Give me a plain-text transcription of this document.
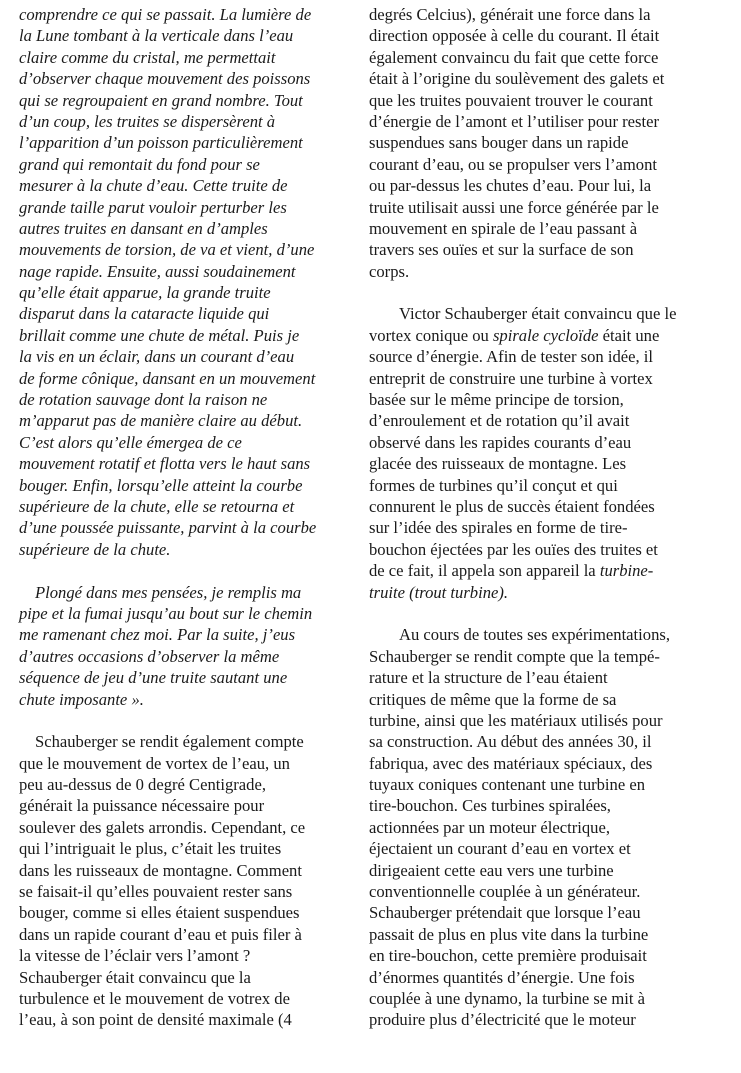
comprendre ce qui se passait. La lumière de
la Lune tombant à la verticale dans l’eau
claire comme du cristal, me permettait
d’observer chaque mouvement des poissons
qui se regroupaient en grand nombre. Tout
d’un coup, les truites se dispersèrent à
l’apparition d’un poisson particulièrement
grand qui remontait du fond pour se
mesurer à la chute d’eau. Cette truite de
grande taille parut vouloir perturber les
autres truites en dansant en d’amples
mouvements de torsion, de va et vient, d’une
nage rapide. Ensuite, aussi soudainement
qu’elle était apparue, la grande truite
disparut dans la cataracte liquide qui
brillait comme une chute de métal. Puis je
la vis en un éclair, dans un courant d’eau
de forme cônique, dansant en un mouvement
de rotation sauvage dont la raison ne
m’apparut pas de manière claire au début.
C’est alors qu’elle émergea de ce
mouvement rotatif et flotta vers le haut sans
bouger. Enfin, lorsqu’elle atteint la courbe
supérieure de la chute, elle se retourna et
d’une poussée puissante, parvint à la courbe
supérieure de la chute.
Plongé dans mes pensées, je remplis ma
pipe et la fumai jusqu’au bout sur le chemin
me ramenant chez moi. Par la suite, j’eus
d’autres occasions d’observer la même
séquence de jeu d’une truite sautant une
chute imposante ».
Schauberger se rendit également compte
que le mouvement de vortex de l’eau, un
peu au-dessus de 0 degré Centigrade,
générait la puissance nécessaire pour
soulever des galets arrondis. Cependant, ce
qui l’intriguait le plus, c’était les truites
dans les ruisseaux de montagne. Comment
se faisait-il qu’elles pouvaient rester sans
bouger, comme si elles étaient suspendues
dans un rapide courant d’eau et puis filer à
la vitesse de l’éclair vers l’amont ?
Schauberger était convaincu que la
turbulence et le mouvement de votrex de
l’eau, à son point de densité maximale (4
degrés Celcius), générait une force dans la
direction opposée à celle du courant. Il était
également convaincu du fait que cette force
était à l’origine du soulèvement des galets et
que les truites pouvaient trouver le courant
d’énergie de l’amont et l’utiliser pour rester
suspendues sans bouger dans un rapide
courant d’eau, ou se propulser vers l’amont
ou par-dessus les chutes d’eau. Pour lui, la
truite utilisait aussi une force générée par le
mouvement en spirale de l’eau passant à
travers ses ouïes et sur la surface de son
corps.
Victor Schauberger était convaincu que le
vortex conique ou spirale cycloïde était une
source d’énergie. Afin de tester son idée, il
entreprit de construire une turbine à vortex
basée sur le même principe de torsion,
d’enroulement et de rotation qu’il avait
observé dans les rapides courants d’eau
glacée des ruisseaux de montagne. Les
formes de turbines qu’il conçut et qui
connurent le plus de succès étaient fondées
sur l’idée des spirales en forme de tire-
bouchon éjectées par les ouïes des truites et
de ce fait, il appela son appareil la turbine-
truite (trout turbine).
Au cours de toutes ses expérimentations,
Schauberger se rendit compte que la tempé-
rature et la structure de l’eau étaient
critiques de même que la forme de sa
turbine, ainsi que les matériaux utilisés pour
sa construction. Au début des années 30, il
fabriqua, avec des matériaux spéciaux, des
tuyaux coniques contenant une turbine en
tire-bouchon. Ces turbines spiralées,
actionnées par un moteur électrique,
éjectaient un courant d’eau en vortex et
dirigeaient cette eau vers une turbine
conventionnelle couplée à un générateur.
Schauberger prétendait que lorsque l’eau
passait de plus en plus vite dans la turbine
en tire-bouchon, cette première produisait
d’énormes quantités d’énergie. Une fois
couplée à une dynamo, la turbine se mit à
produire plus d’électricité que le moteur
